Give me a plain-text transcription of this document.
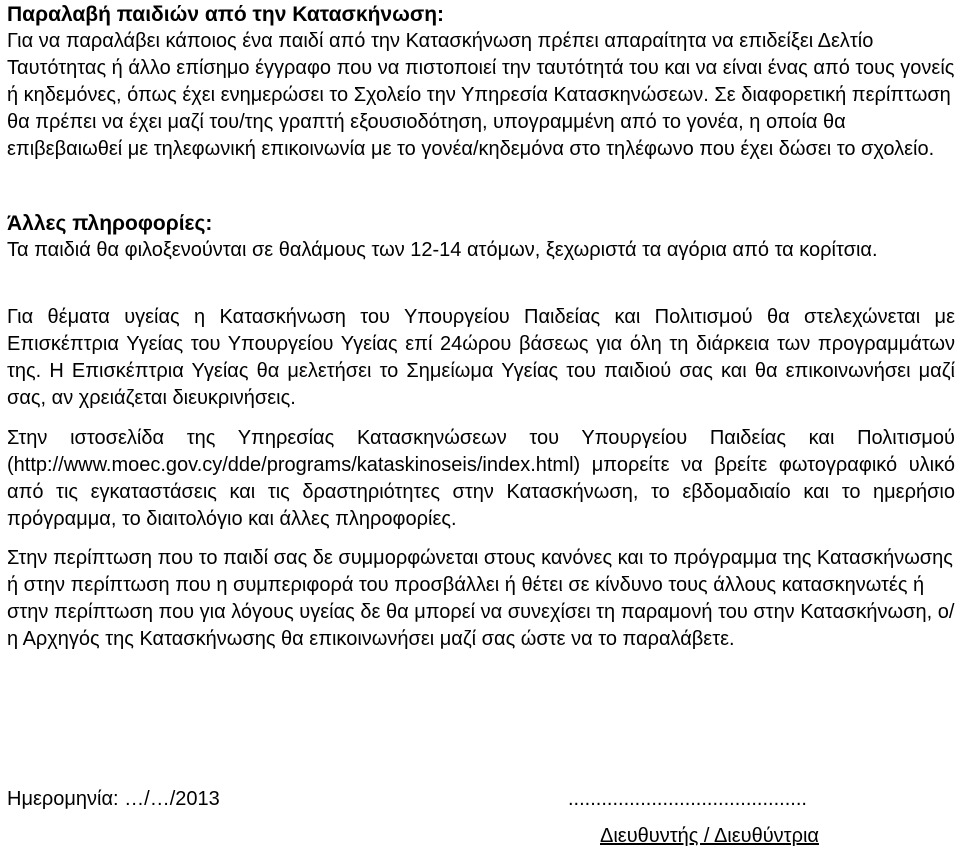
Παραλαβή παιδιών από την Κατασκήνωση:

Για να παραλάβει κάποιος ένα παιδί από την Κατασκήνωση πρέπει απαραίτητα να επιδείξει Δελτίο Ταυτότητας ή άλλο επίσημο έγγραφο που να πιστοποιεί την ταυτότητά του και να είναι ένας από τους γονείς ή κηδεμόνες, όπως έχει ενημερώσει το Σχολείο την Υπηρεσία Κατασκηνώσεων. Σε διαφορετική περίπτωση θα πρέπει να έχει μαζί του/της γραπτή εξουσιοδότηση, υπογραμμένη από το γονέα, η οποία θα επιβεβαιωθεί με τηλεφωνική επικοινωνία με το γονέα/κηδεμόνα στο τηλέφωνο που έχει δώσει το σχολείο.

Άλλες πληροφορίες:

Τα παιδιά θα φιλοξενούνται σε θαλάμους των 12-14 ατόμων, ξεχωριστά τα αγόρια από τα κορίτσια.

Για θέματα υγείας η Κατασκήνωση του Υπουργείου Παιδείας και Πολιτισμού θα στελεχώνεται με Επισκέπτρια Υγείας του Υπουργείου Υγείας επί 24ώρου βάσεως για όλη τη διάρκεια των προγραμμάτων της. Η Επισκέπτρια Υγείας θα μελετήσει το Σημείωμα Υγείας του παιδιού σας και θα επικοινωνήσει μαζί σας, αν χρειάζεται διευκρινήσεις.

Στην ιστοσελίδα της Υπηρεσίας Κατασκηνώσεων του Υπουργείου Παιδείας και Πολιτισμού (http://www.moec.gov.cy/dde/programs/kataskinoseis/index.html) μπορείτε να βρείτε φωτογραφικό υλικό από τις εγκαταστάσεις και τις δραστηριότητες στην Κατασκήνωση, το εβδομαδιαίο και το ημερήσιο πρόγραμμα, το διαιτολόγιο και άλλες πληροφορίες.

Στην περίπτωση που το παιδί σας δε συμμορφώνεται στους κανόνες και το πρόγραμμα της Κατασκήνωσης ή στην περίπτωση που η συμπεριφορά του προσβάλλει ή θέτει σε κίνδυνο τους άλλους κατασκηνωτές ή στην περίπτωση που για λόγους υγείας δε θα μπορεί να συνεχίσει τη παραμονή του στην Κατασκήνωση, ο/η Αρχηγός της Κατασκήνωσης θα επικοινωνήσει μαζί σας ώστε να το παραλάβετε.

Ημερομηνία: …/…/2013	...........................................
Διευθυντής / Διευθύντρια
